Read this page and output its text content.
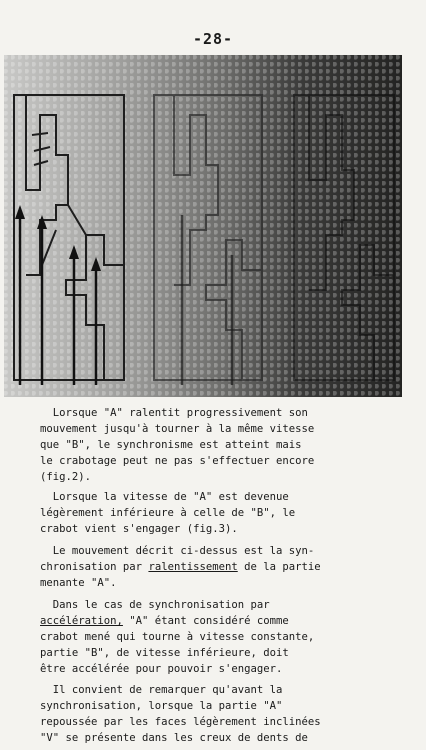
-28-
Lorsque "A" ralentit progressivement son
mouvement jusqu'à tourner à la même vitesse
que "B", le synchronisme est atteint mais
le crabotage peut ne pas s'effectuer encore
(fig.2).
Lorsque la vitesse de "A" est devenue
légèrement inférieure à celle de "B", le
crabot vient s'engager (fig.3).
Le mouvement décrit ci-dessus est la syn-
chronisation par ralentissement de la partie
menante "A".
Dans le cas de synchronisation par
accélération, "A" étant considéré comme
crabot mené qui tourne à vitesse constante,
partie "B", de vitesse inférieure, doit
être accélérée pour pouvoir s'engager.
Il convient de remarquer qu'avant la
synchronisation, lorsque la partie "A"
repoussée par les faces légèrement inclinées
"V" se présente dans les creux de dents de
